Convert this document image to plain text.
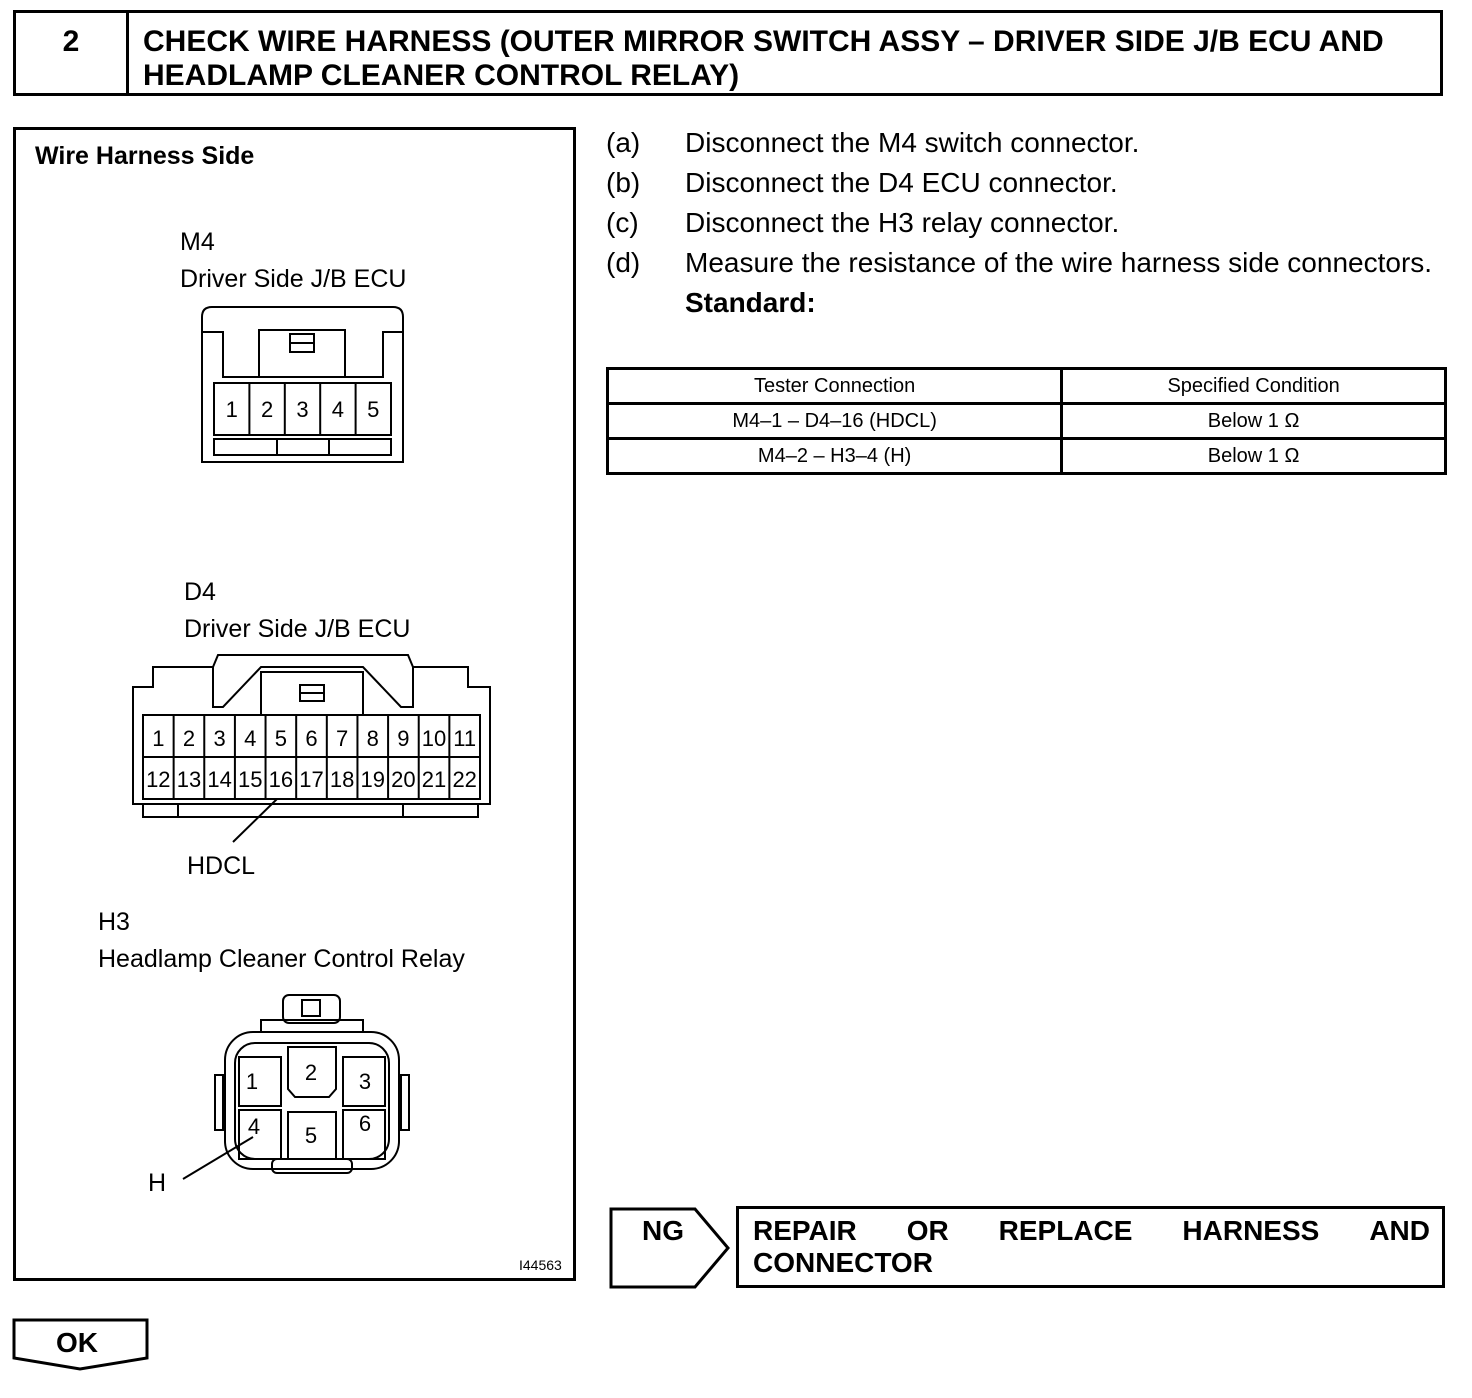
2	CHECK WIRE HARNESS (OUTER MIRROR SWITCH ASSY – DRIVER SIDE J/B ECU AND HEADLAMP CLEANER CONTROL RELAY)
Wire Harness Side
M4
Driver Side J/B ECU
1 2 3 4 5
D4
Driver Side J/B ECU
1 2 3 4 5 6 7 8 9 10 11
12 13 14 15 16 17 18 19 20 21 22
HDCL
H3
Headlamp Cleaner Control Relay
1 2 3
4 5 6
H
I44563
(a)	Disconnect the M4 switch connector.
(b)	Disconnect the D4 ECU connector.
(c)	Disconnect the H3 relay connector.
(d)	Measure the resistance of the wire harness side connectors.
Standard:
Tester Connection	Specified Condition
M4–1 – D4–16 (HDCL)	Below 1 Ω
M4–2 – H3–4 (H)	Below 1 Ω
NG REPAIR OR REPLACE HARNESS AND
CONNECTOR
OK
